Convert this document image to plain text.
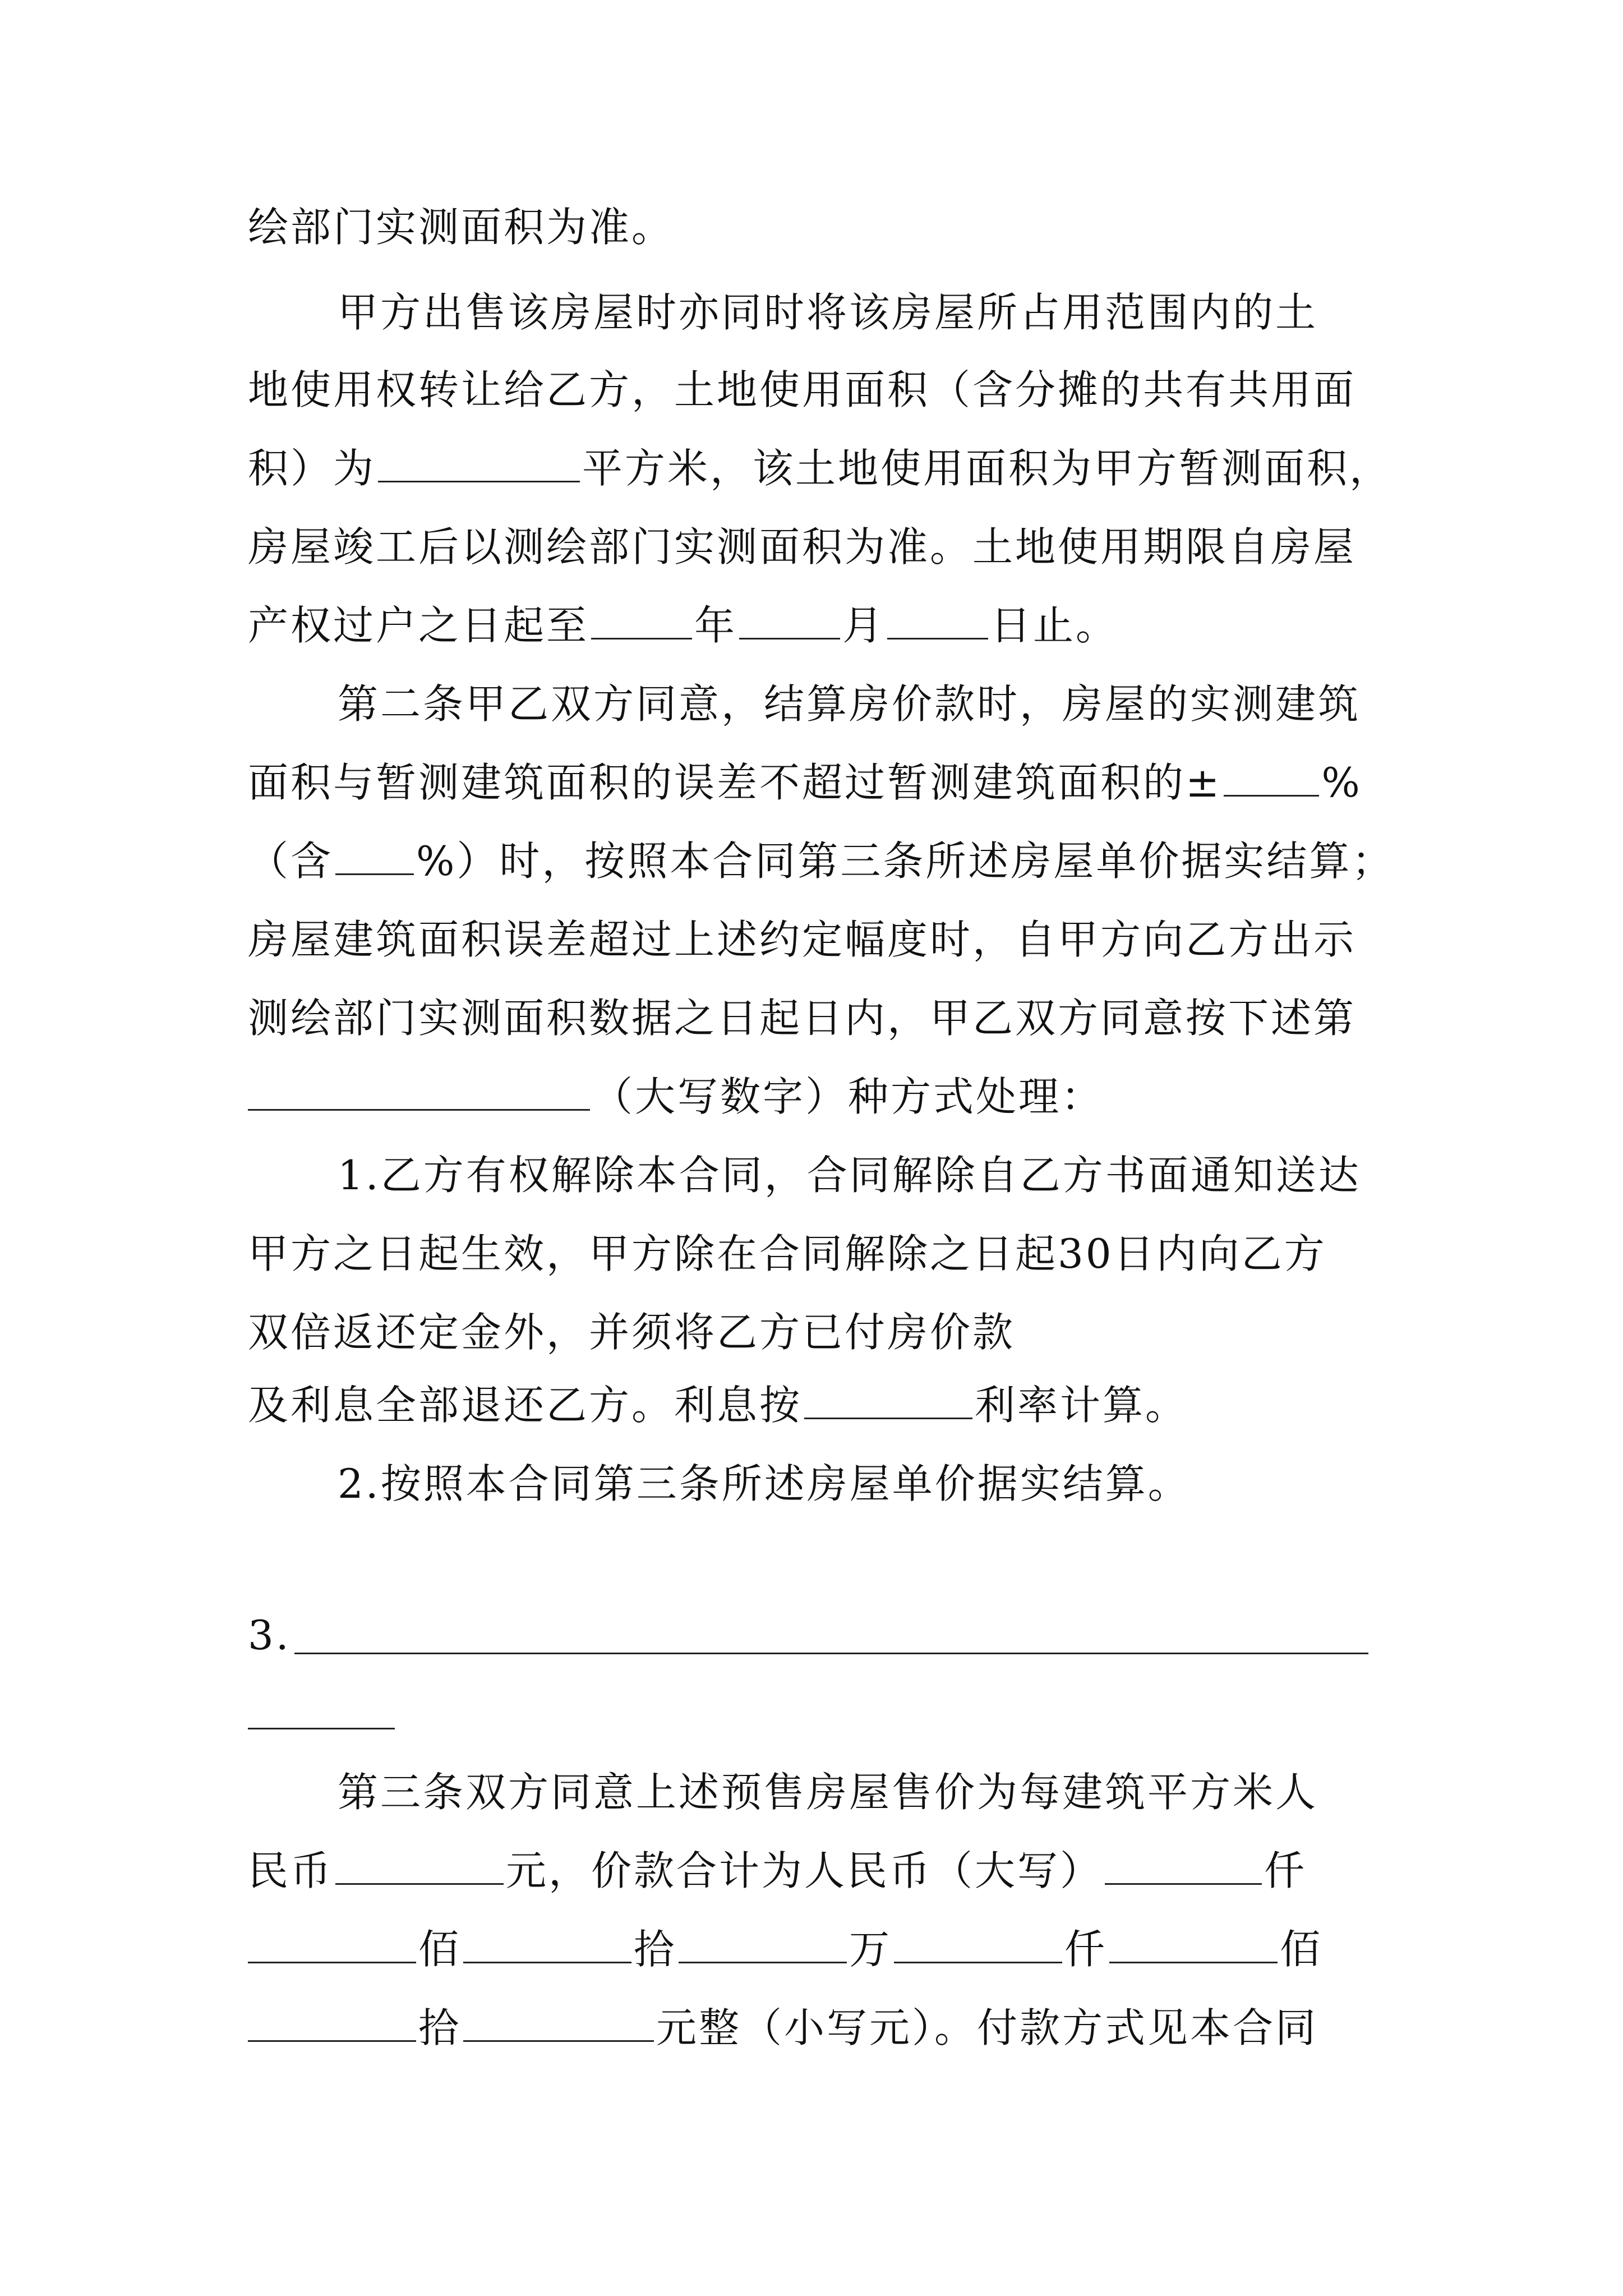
绘部门实测面积为准。
甲方出售该房屋时亦同时将该房屋所占用范围内的土
地使用权转让给乙方，土地使用面积（含分摊的共有共用面
积）为	平方米，该土地使用面积为甲方暂测面积，
房屋竣工后以测绘部门实测面积为准。土地使用期限自房屋
产权过户之日起至	年	月	日止。
第二条甲乙双方同意，结算房价款时，房屋的实测建筑
面积与暂测建筑面积的误差不超过暂测建筑面积的± %
（含 %）时，按照本合同第三条所述房屋单价据实结算；
房屋建筑面积误差超过上述约定幅度时，自甲方向乙方出示
测绘部门实测面积数据之日起日内，甲乙双方同意按下述第
（大写数字）种方式处理：
1.乙方有权解除本合同，合同解除自乙方书面通知送达
甲方之日起生效，甲方除在合同解除之日起30日内向乙方
双倍返还定金外，并须将乙方已付房价款
及利息全部退还乙方。利息按	利率计算。
2.按照本合同第三条所述房屋单价据实结算。
3.
第三条双方同意上述预售房屋售价为每建筑平方米人
民币	元，价款合计为人民币（大写）	仟
佰	拾	万	仟	佰
拾	元整（小写元）。付款方式见本合同
